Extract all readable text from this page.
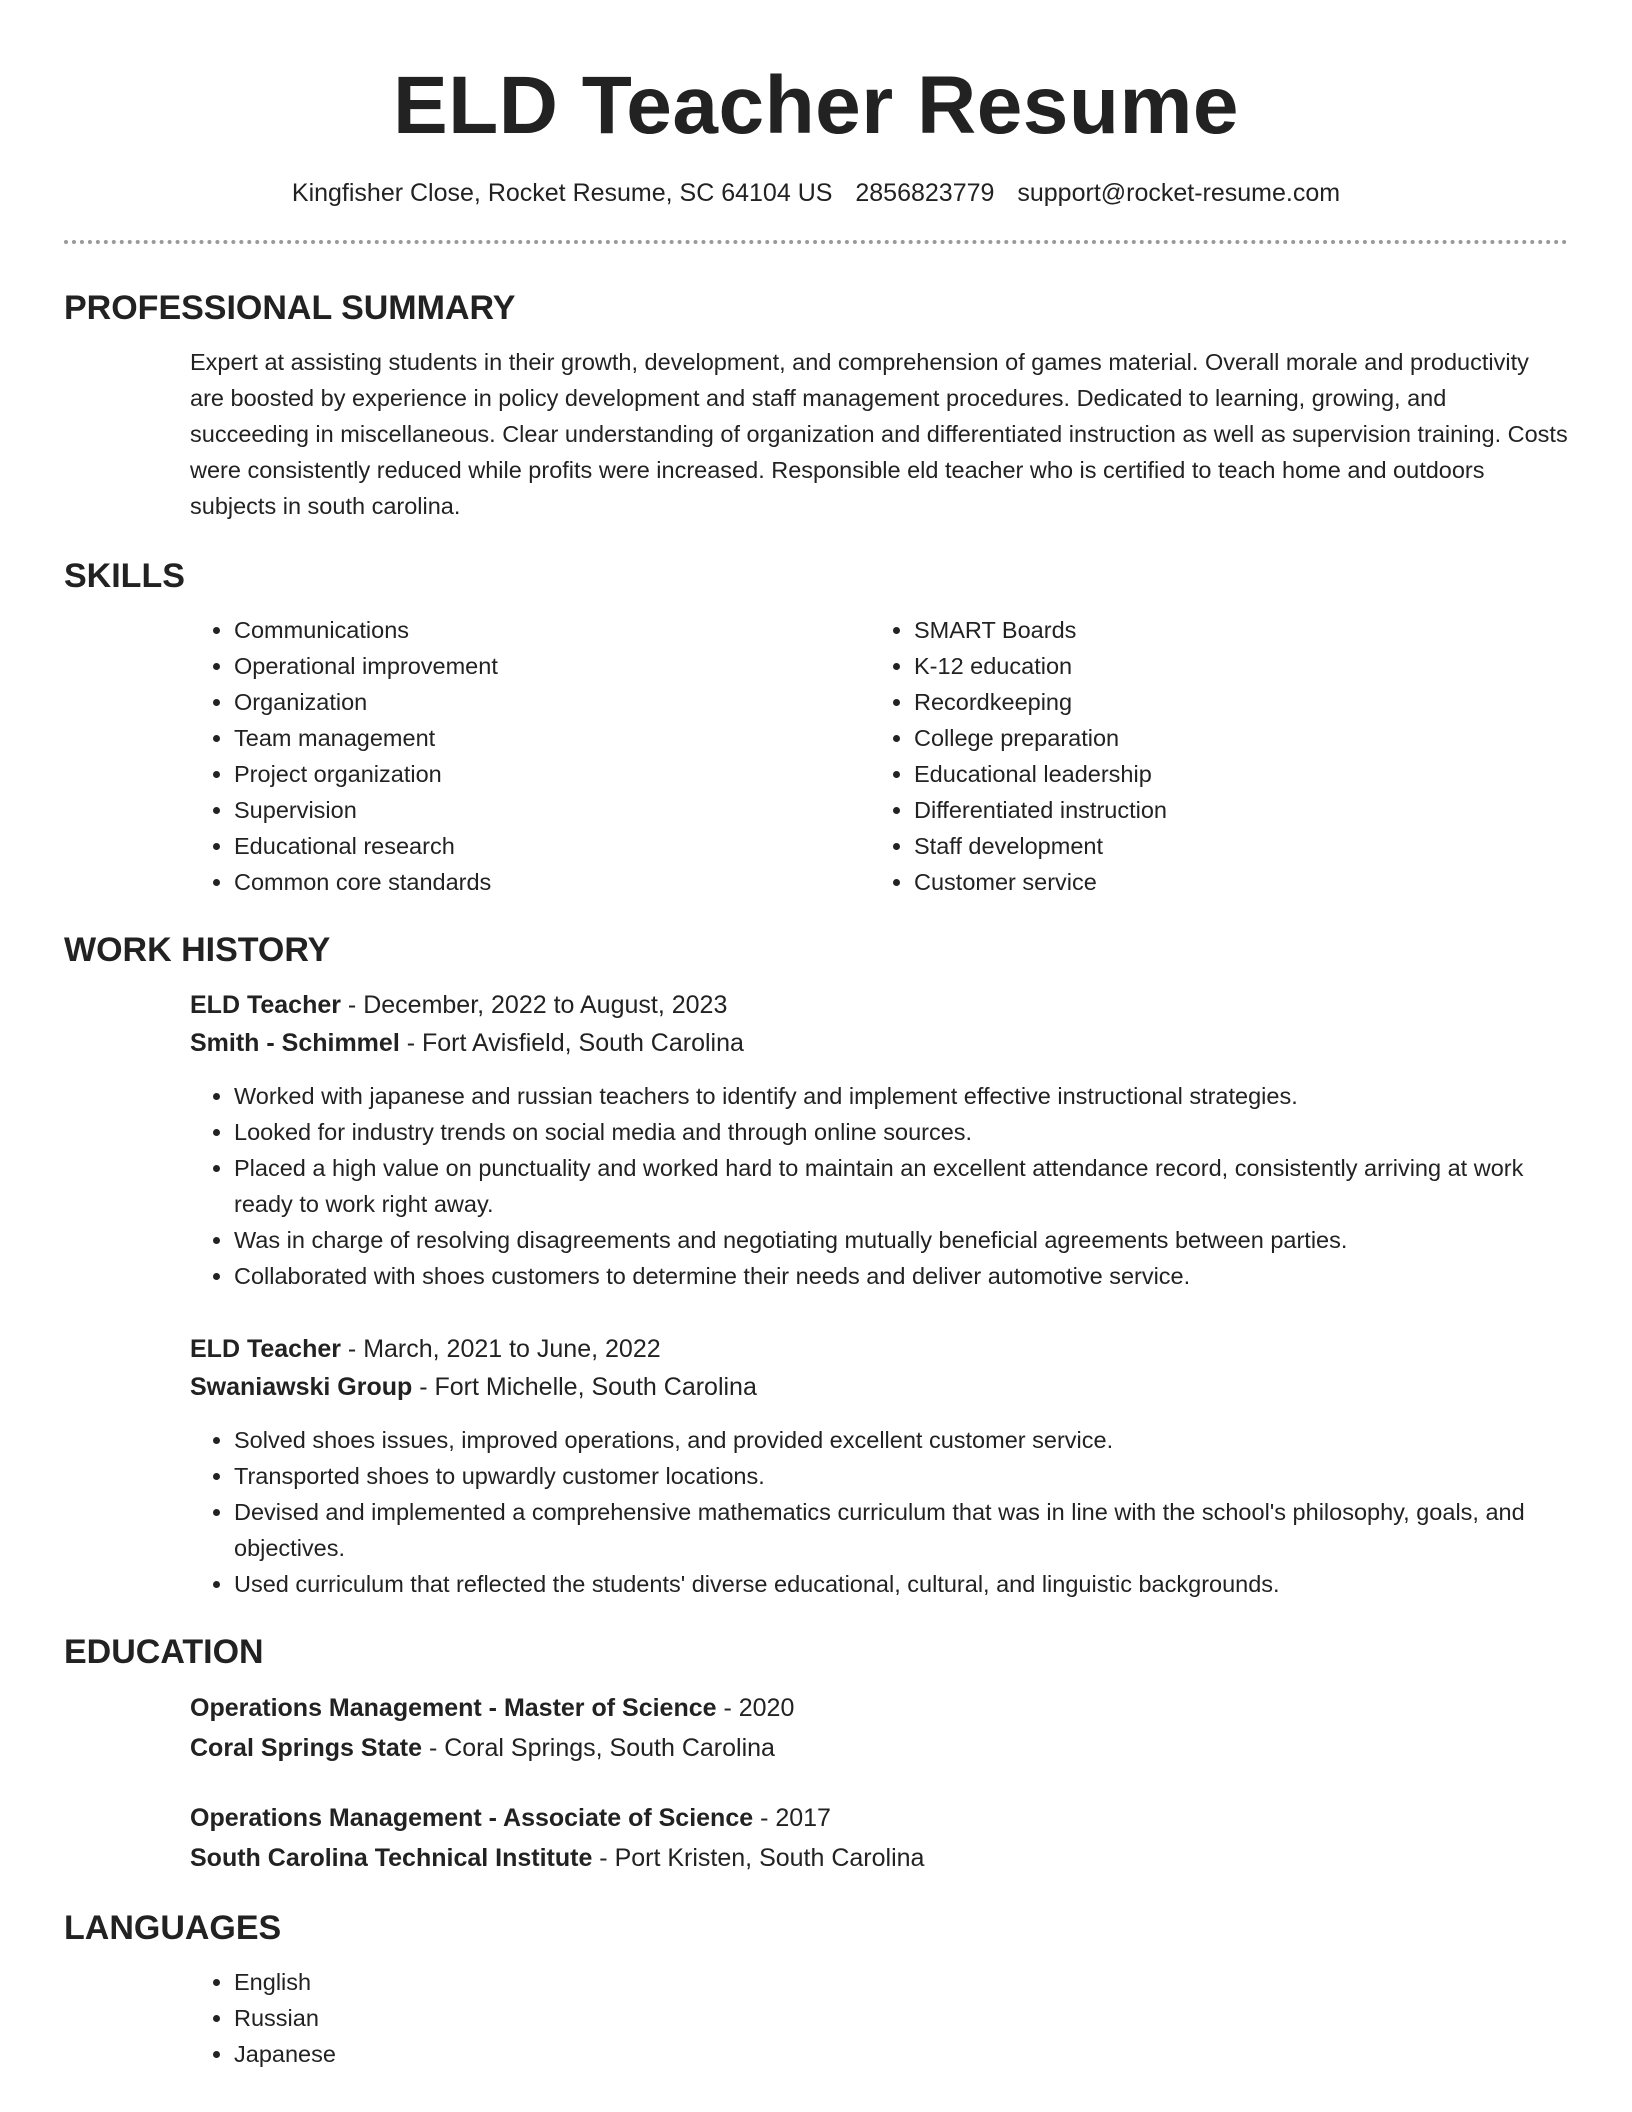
ELD Teacher Resume
Kingfisher Close, Rocket Resume, SC 64104 US 2856823779 support@rocket-resume.com
PROFESSIONAL SUMMARY

Expert at assisting students in their growth, development, and comprehension of games material. Overall morale and productivity are boosted by experience in policy development and staff management procedures. Dedicated to learning, growing, and succeeding in miscellaneous. Clear understanding of organization and differentiated instruction as well as supervision training. Costs were consistently reduced while profits were increased. Responsible eld teacher who is certified to teach home and outdoors subjects in south carolina.

SKILLS
• Communications
• Operational improvement
• Organization
• Team management
• Project organization
• Supervision
• Educational research
• Common core standards
• SMART Boards
• K-12 education
• Recordkeeping
• College preparation
• Educational leadership
• Differentiated instruction
• Staff development
• Customer service
WORK HISTORY
ELD Teacher - December, 2022 to August, 2023
Smith - Schimmel - Fort Avisfield, South Carolina
• Worked with japanese and russian teachers to identify and implement effective instructional strategies.
• Looked for industry trends on social media and through online sources.
• Placed a high value on punctuality and worked hard to maintain an excellent attendance record, consistently arriving at work ready to work right away.
• Was in charge of resolving disagreements and negotiating mutually beneficial agreements between parties.
• Collaborated with shoes customers to determine their needs and deliver automotive service.
ELD Teacher - March, 2021 to June, 2022
Swaniawski Group - Fort Michelle, South Carolina
• Solved shoes issues, improved operations, and provided excellent customer service.
• Transported shoes to upwardly customer locations.
• Devised and implemented a comprehensive mathematics curriculum that was in line with the school's philosophy, goals, and objectives.
• Used curriculum that reflected the students' diverse educational, cultural, and linguistic backgrounds.
EDUCATION
Operations Management - Master of Science - 2020
Coral Springs State - Coral Springs, South Carolina
Operations Management - Associate of Science - 2017
South Carolina Technical Institute - Port Kristen, South Carolina
LANGUAGES
• English
• Russian
• Japanese
